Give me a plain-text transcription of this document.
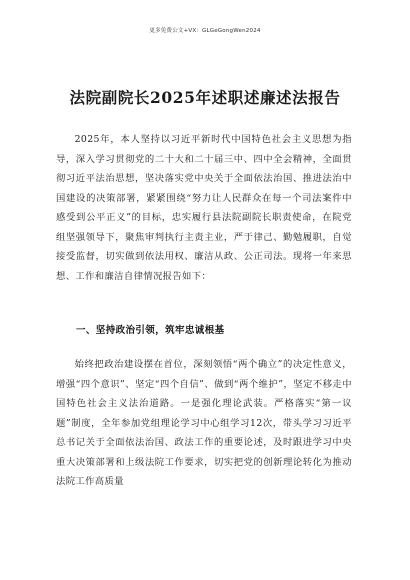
更多免费公文+VX：GLGeGongWen2024
法院副院长2025年述职述廉述法报告

2025年，本人坚持以习近平新时代中国特色社会主义思想为指导，深入学习贯彻党的二十大和二十届三中、四中全会精神，全面贯彻习近平法治思想，坚决落实党中央关于全面依法治国、推进法治中国建设的决策部署，紧紧围绕“努力让人民群众在每一个司法案件中感受到公平正义”的目标，忠实履行县法院副院长职责使命，在院党组坚强领导下，聚焦审判执行主责主业，严于律己、勤勉履职，自觉接受监督，切实做到依法用权、廉洁从政、公正司法。现将一年来思想、工作和廉洁自律情况报告如下：

一、坚持政治引领，筑牢忠诚根基

始终把政治建设摆在首位，深刻领悟“两个确立”的决定性意义，增强“四个意识”、坚定“四个自信”、做到“两个维护”，坚定不移走中国特色社会主义法治道路。一是强化理论武装。严格落实“第一议题”制度，全年参加党组理论学习中心组学习12次，带头学习习近平总书记关于全面依法治国、政法工作的重要论述，及时跟进学习中央重大决策部署和上级法院工作要求，切实把党的创新理论转化为推动法院工作高质量
